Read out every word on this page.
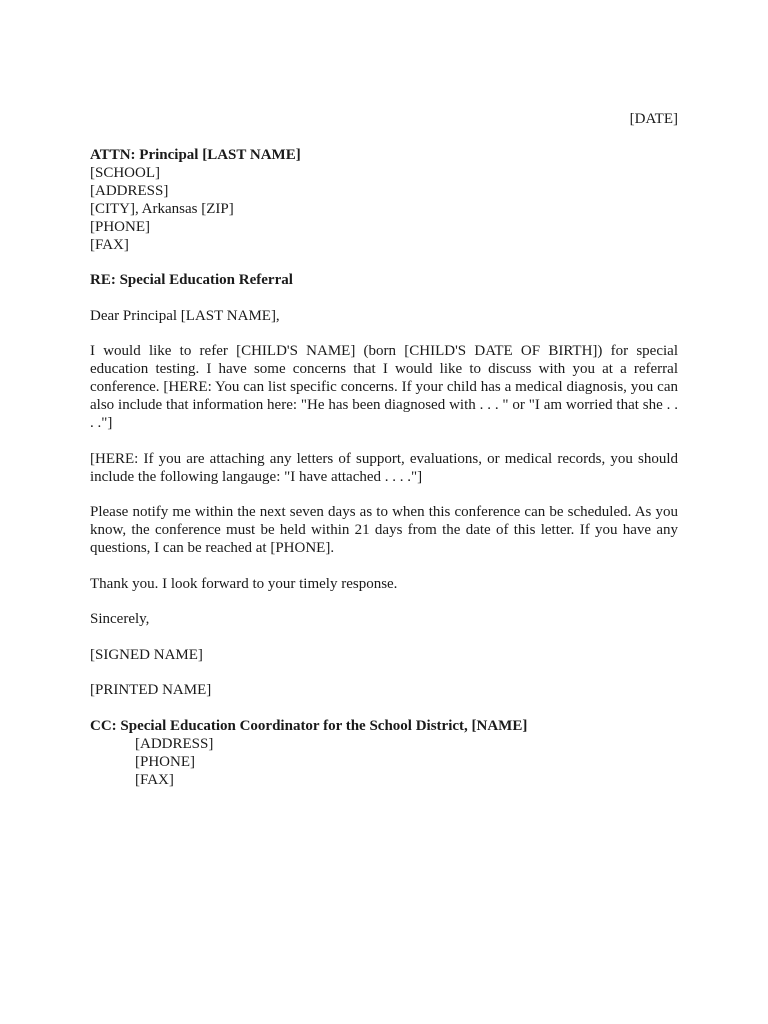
[DATE]
ATTN: Principal [LAST NAME]
[SCHOOL]
[ADDRESS]
[CITY], Arkansas [ZIP]
[PHONE]
[FAX]
RE: Special Education Referral
Dear Principal [LAST NAME],
I would like to refer [CHILD'S NAME] (born [CHILD'S DATE OF BIRTH]) for special education testing. I have some concerns that I would like to discuss with you at a referral conference. [HERE: You can list specific concerns. If your child has a medical diagnosis, you can also include that information here: "He has been diagnosed with . . . " or "I am worried that she . . . ."]
[HERE: If you are attaching any letters of support, evaluations, or medical records, you should include the following langauge: "I have attached . . . ."]
Please notify me within the next seven days as to when this conference can be scheduled. As you know, the conference must be held within 21 days from the date of this letter. If you have any questions, I can be reached at [PHONE].
Thank you. I look forward to your timely response.
Sincerely,
[SIGNED NAME]
[PRINTED NAME]
CC: Special Education Coordinator for the School District, [NAME]
[ADDRESS]
[PHONE]
[FAX]
